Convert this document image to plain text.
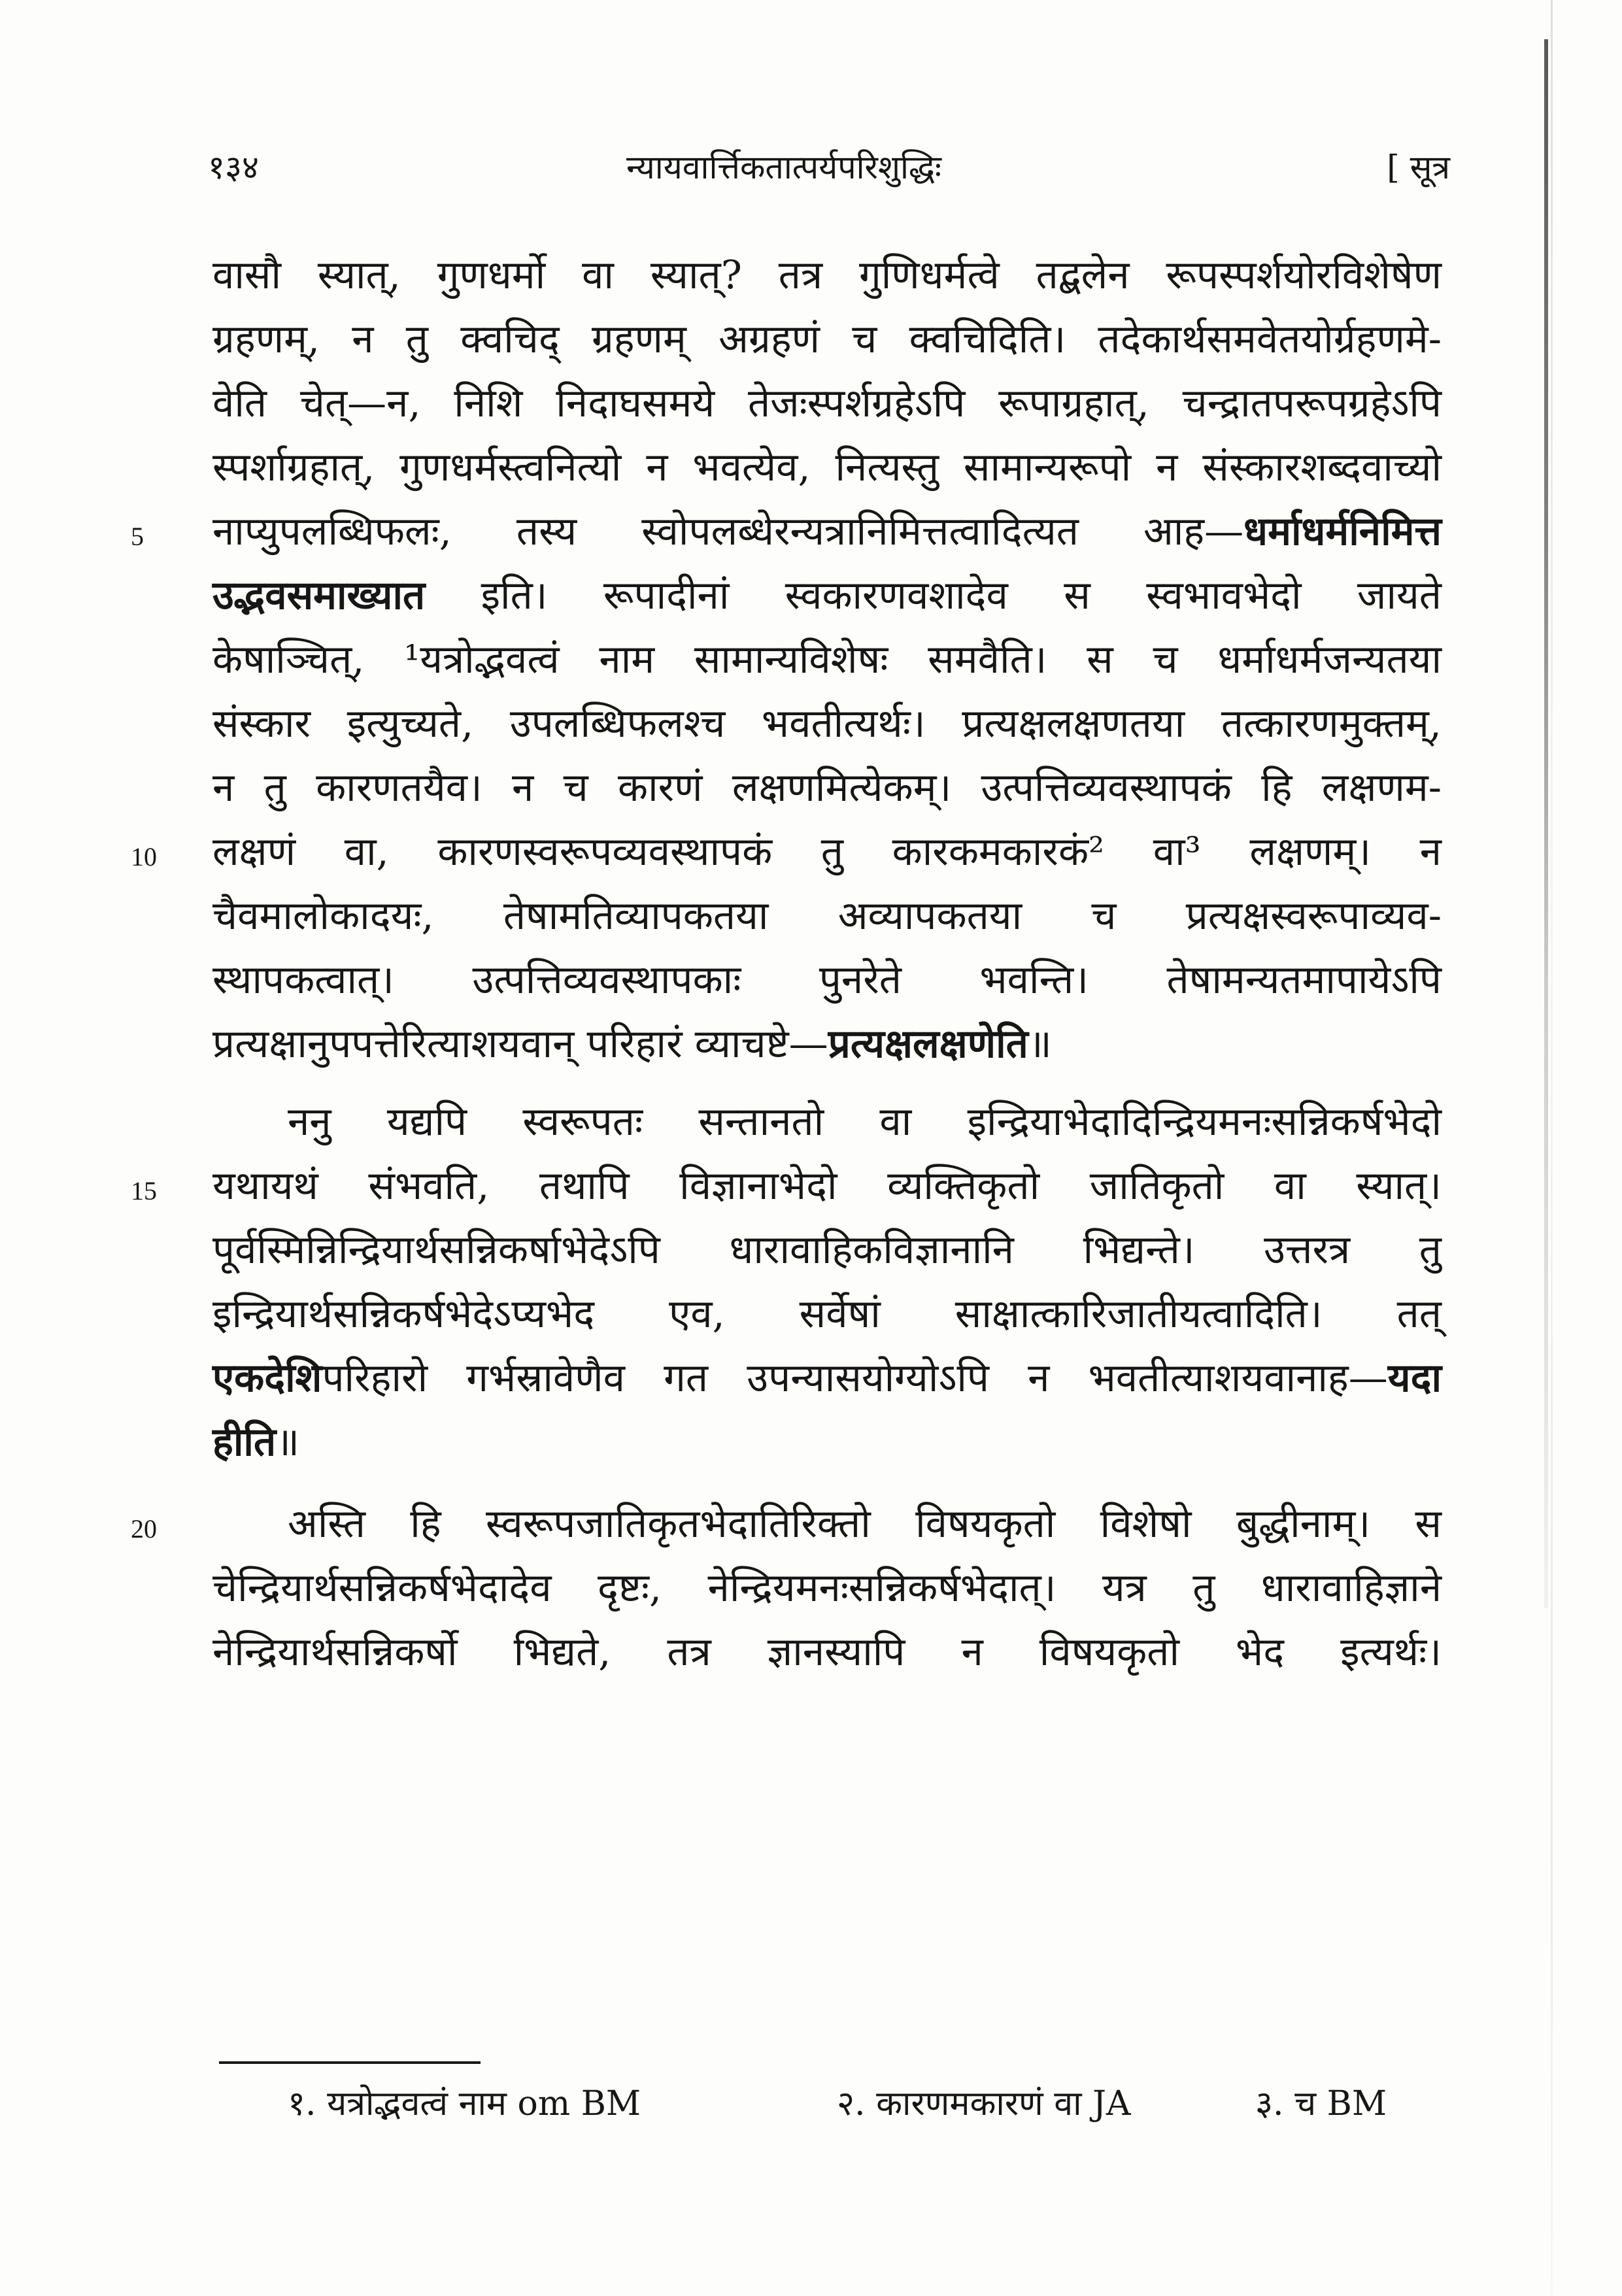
१३४	न्यायवार्त्तिकतात्पर्यपरिशुद्धिः	[ सूत्र
वासौ स्यात्, गुणधर्मो वा स्यात्? तत्र गुणिधर्मत्वे तद्बलेन रूपस्पर्शयोरविशेषेण
ग्रहणम्, न तु क्वचिद् ग्रहणम् अग्रहणं च क्वचिदिति। तदेकार्थसमवेतयोर्ग्रहणमे-
वेति चेत्—न, निशि निदाघसमये तेजःस्पर्शग्रहेऽपि रूपाग्रहात्, चन्द्रातपरूपग्रहेऽपि
स्पर्शाग्रहात्, गुणधर्मस्त्वनित्यो न भवत्येव, नित्यस्तु सामान्यरूपो न संस्कारशब्दवाच्यो
5 नाप्युपलब्धिफलः, तस्य स्वोपलब्धेरन्यत्रानिमित्तत्वादित्यत आह—धर्माधर्मनिमित्त
उद्भवसमाख्यात इति। रूपादीनां स्वकारणवशादेव स स्वभावभेदो जायते
केषाञ्चित्, ¹यत्रोद्भवत्वं नाम सामान्यविशेषः समवैति। स च धर्माधर्मजन्यतया
संस्कार इत्युच्यते, उपलब्धिफलश्च भवतीत्यर्थः। प्रत्यक्षलक्षणतया तत्कारणमुक्तम्,
न तु कारणतयैव। न च कारणं लक्षणमित्येकम्। उत्पत्तिव्यवस्थापकं हि लक्षणम-
10 लक्षणं वा, कारणस्वरूपव्यवस्थापकं तु कारकमकारकं² वा³ लक्षणम्। न
चैवमालोकादयः, तेषामतिव्यापकतया अव्यापकतया च प्रत्यक्षस्वरूपाव्यव-
स्थापकत्वात्। उत्पत्तिव्यवस्थापकाः पुनरेते भवन्ति। तेषामन्यतमापायेऽपि
प्रत्यक्षानुपपत्तेरित्याशयवान् परिहारं व्याचष्टे—प्रत्यक्षलक्षणेति॥
ननु यद्यपि स्वरूपतः सन्तानतो वा इन्द्रियाभेदादिन्द्रियमनःसन्निकर्षभेदो
15 यथायथं संभवति, तथापि विज्ञानाभेदो व्यक्तिकृतो जातिकृतो वा स्यात्।
पूर्वस्मिन्निन्द्रियार्थसन्निकर्षाभेदेऽपि धारावाहिकविज्ञानानि भिद्यन्ते। उत्तरत्र तु
इन्द्रियार्थसन्निकर्षभेदेऽप्यभेद एव, सर्वेषां साक्षात्कारिजातीयत्वादिति। तत्
एकदेशिपरिहारो गर्भस्रावेणैव गत उपन्यासयोग्योऽपि न भवतीत्याशयवानाह—यदा
हीति॥
20	अस्ति हि स्वरूपजातिकृतभेदातिरिक्तो विषयकृतो विशेषो बुद्धीनाम्। स
चेन्द्रियार्थसन्निकर्षभेदादेव दृष्टः, नेन्द्रियमनःसन्निकर्षभेदात्। यत्र तु धारावाहिज्ञाने
नेन्द्रियार्थसन्निकर्षो भिद्यते, तत्र ज्ञानस्यापि न विषयकृतो भेद इत्यर्थः।
१. यत्रोद्भवत्वं नाम om BM	२. कारणमकारणं वा JA	३. च BM
